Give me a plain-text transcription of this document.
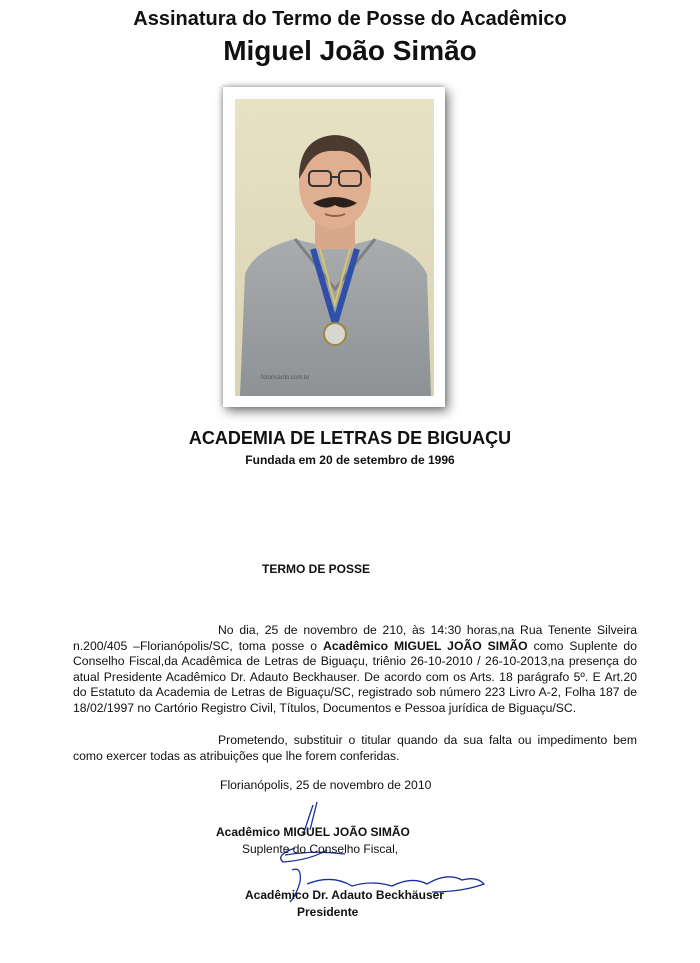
Assinatura do Termo de Posse do Acadêmico
Miguel João Simão
fotoricardo.com.br
ACADEMIA DE LETRAS DE BIGUAÇU
Fundada em 20 de setembro de 1996
TERMO DE POSSE
No dia, 25 de novembro de 210, às 14:30 horas,na Rua Tenente Silveira n.200/405 –Florianópolis/SC, toma posse o Acadêmico MIGUEL JOÃO SIMÃO como Suplente do Conselho Fiscal,da Acadêmica de Letras de Biguaçu, triênio 26-10-2010 / 26-10-2013,na presença do atual Presidente Acadêmico Dr. Adauto Beckhauser. De acordo com os Arts. 18 parágrafo 5º. E Art.20 do Estatuto da Academia de Letras de Biguaçu/SC, registrado sob número 223 Livro A-2, Folha 187 de 18/02/1997 no Cartório Registro Civil, Títulos, Documentos e Pessoa jurídica de Biguaçu/SC.
Prometendo, substituir o titular quando da sua falta ou impedimento bem como exercer todas as atribuições que lhe forem conferidas.
Florianópolis, 25 de novembro de 2010
Acadêmico MIGUEL JOÃO SIMÃO
Suplente do Conselho Fiscal,
Acadêmico Dr. Adauto Beckhäuser
Presidente
